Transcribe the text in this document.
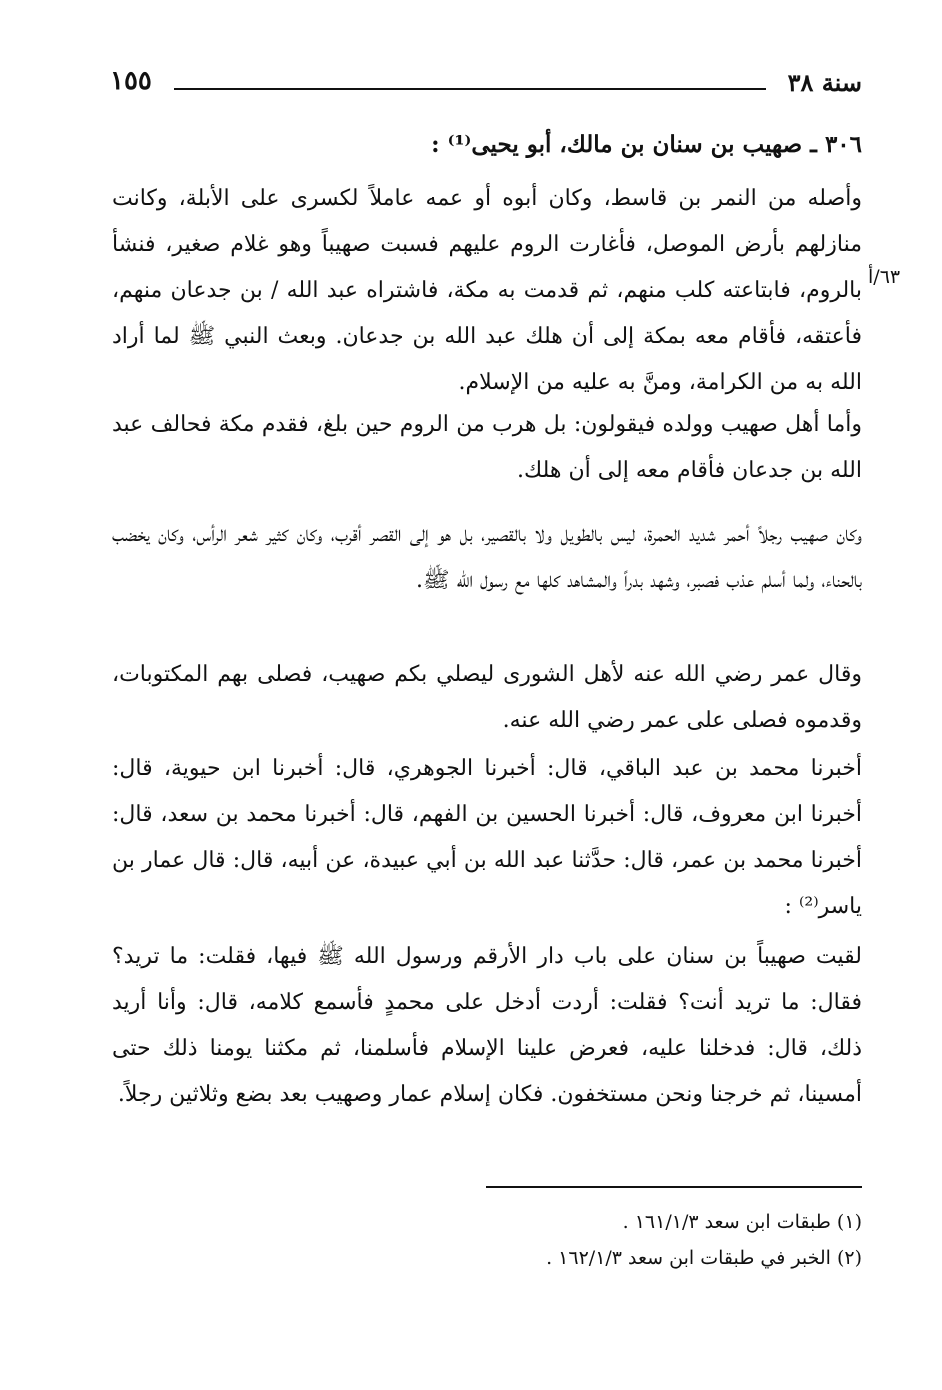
١٥٥	سنة ٣٨
٣٠٦ ـ صهيب بن سنان بن مالك، أبو يحيى⁽¹⁾ :
٦٣/أ
وأصله من النمر بن قاسط، وكان أبوه أو عمه عاملاً لكسرى على الأبلة، وكانت منازلهم بأرض الموصل، فأغارت الروم عليهم فسبت صهيباً وهو غلام صغير، فنشأ بالروم، فابتاعته كلب منهم، ثم قدمت به مكة، فاشتراه عبد الله / بن جدعان منهم، فأعتقه، فأقام معه بمكة إلى أن هلك عبد الله بن جدعان. وبعث النبي ﷺ لما أراد الله به من الكرامة، ومنَّ به عليه من الإسلام.
وأما أهل صهيب وولده فيقولون: بل هرب من الروم حين بلغ، فقدم مكة فحالف عبد الله بن جدعان فأقام معه إلى أن هلك.
وكان صهيب رجلاً أحمر شديد الحمرة، ليس بالطويل ولا بالقصير، بل هو إلى القصر أقرب، وكان كثير شعر الرأس، وكان يخضب بالحناء، ولما أسلم عذب فصبر، وشهد بدراً والمشاهد كلها مع رسول الله ﷺ.
وقال عمر رضي الله عنه لأهل الشورى ليصلي بكم صهيب، فصلى بهم المكتوبات، وقدموه فصلى على عمر رضي الله عنه.
أخبرنا محمد بن عبد الباقي، قال: أخبرنا الجوهري، قال: أخبرنا ابن حيوية، قال: أخبرنا ابن معروف، قال: أخبرنا الحسين بن الفهم، قال: أخبرنا محمد بن سعد، قال: أخبرنا محمد بن عمر، قال: حدَّثنا عبد الله بن أبي عبيدة، عن أبيه، قال: قال عمار بن ياسر⁽²⁾ :
لقيت صهيباً بن سنان على باب دار الأرقم ورسول الله ﷺ فيها، فقلت: ما تريد؟ فقال: ما تريد أنت؟ فقلت: أردت أدخل على محمدٍ فأسمع كلامه، قال: وأنا أريد ذلك، قال: فدخلنا عليه، فعرض علينا الإسلام فأسلمنا، ثم مكثنا يومنا ذلك حتى أمسينا، ثم خرجنا ونحن مستخفون. فكان إسلام عمار وصهيب بعد بضع وثلاثين رجلاً.
(١) طبقات ابن سعد ١٦١/١/٣ .
(٢) الخبر في طبقات ابن سعد ١٦٢/١/٣ .
